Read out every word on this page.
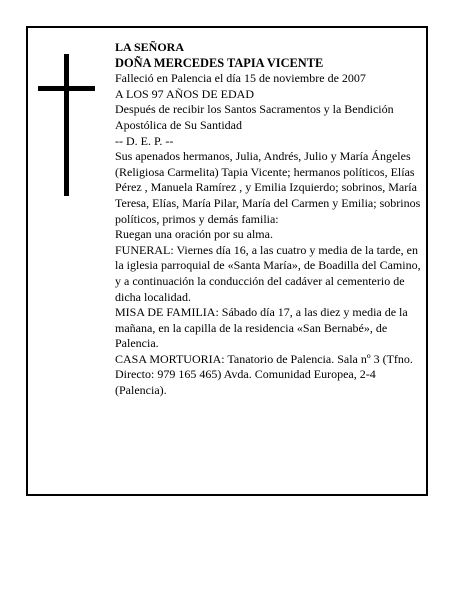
LA SEÑORA
DOÑA MERCEDES TAPIA VICENTE
Falleció en Palencia el día 15 de noviembre de 2007
A LOS 97 AÑOS DE EDAD
Después de recibir los Santos Sacramentos y la Bendición Apostólica de Su Santidad
-- D. E. P. --
Sus apenados hermanos, Julia, Andrés, Julio y María Ángeles (Religiosa Carmelita) Tapia Vicente; hermanos políticos, Elías Pérez , Manuela Ramírez , y Emilia Izquierdo; sobrinos, María Teresa, Elías, María Pilar, María del Carmen y Emilia; sobrinos políticos, primos y demás familia:
Ruegan una oración por su alma.
FUNERAL: Viernes día 16, a las cuatro y media de la tarde, en la iglesia parroquial de «Santa María», de Boadilla del Camino, y a continuación la conducción del cadáver al cementerio de dicha localidad.
MISA DE FAMILIA: Sábado día 17, a las diez y media de la mañana, en la capilla de la residencia «San Bernabé», de Palencia.
CASA MORTUORIA: Tanatorio de Palencia. Sala nº 3 (Tfno. Directo: 979 165 465) Avda. Comunidad Europea, 2-4 (Palencia).
